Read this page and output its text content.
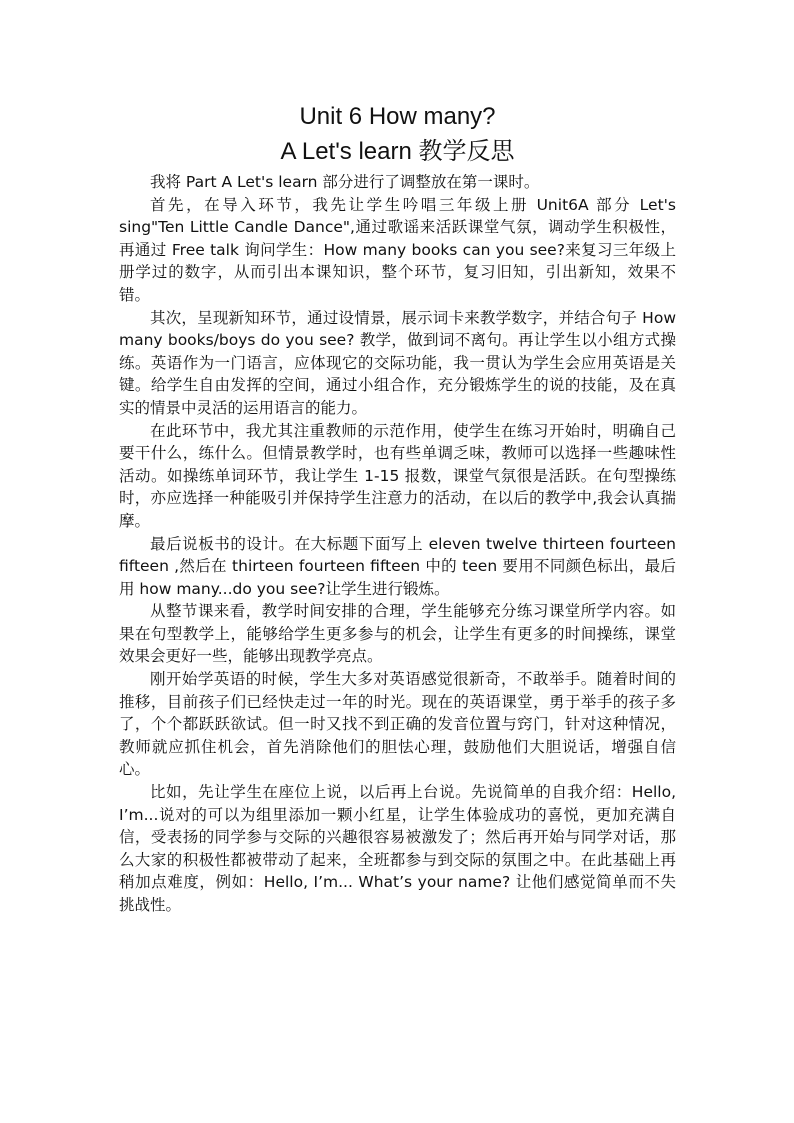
Unit 6 How many?
A Let's learn 教学反思

我将 Part A Let's learn 部分进行了调整放在第一课时。

首先，在导入环节，我先让学生吟唱三年级上册 Unit6A 部分 Let's sing"Ten Little Candle Dance",通过歌谣来活跃课堂气氛，调动学生积极性，再通过 Free talk 询问学生：How many books can you see?来复习三年级上册学过的数字，从而引出本课知识，整个环节，复习旧知，引出新知，效果不错。

其次，呈现新知环节，通过设情景，展示词卡来教学数字，并结合句子 How many books/boys do you see? 教学，做到词不离句。再让学生以小组方式操练。英语作为一门语言，应体现它的交际功能，我一贯认为学生会应用英语是关键。给学生自由发挥的空间，通过小组合作，充分锻炼学生的说的技能，及在真实的情景中灵活的运用语言的能力。

在此环节中，我尤其注重教师的示范作用，使学生在练习开始时，明确自己要干什么，练什么。但情景教学时，也有些单调乏味，教师可以选择一些趣味性活动。如操练单词环节，我让学生 1-15 报数，课堂气氛很是活跃。在句型操练时，亦应选择一种能吸引并保持学生注意力的活动，在以后的教学中,我会认真揣摩。

最后说板书的设计。在大标题下面写上 eleven twelve thirteen fourteen fifteen ,然后在 thirteen fourteen fifteen 中的 teen 要用不同颜色标出，最后用 how many...do you see?让学生进行锻炼。

从整节课来看，教学时间安排的合理，学生能够充分练习课堂所学内容。如果在句型教学上，能够给学生更多参与的机会，让学生有更多的时间操练，课堂效果会更好一些，能够出现教学亮点。

刚开始学英语的时候，学生大多对英语感觉很新奇，不敢举手。随着时间的推移，目前孩子们已经快走过一年的时光。现在的英语课堂，勇于举手的孩子多了，个个都跃跃欲试。但一时又找不到正确的发音位置与窍门，针对这种情况，教师就应抓住机会，首先消除他们的胆怯心理，鼓励他们大胆说话，增强自信心。

比如，先让学生在座位上说，以后再上台说。先说简单的自我介绍：Hello, I’m...说对的可以为组里添加一颗小红星，让学生体验成功的喜悦，更加充满自信，受表扬的同学参与交际的兴趣很容易被激发了；然后再开始与同学对话，那么大家的积极性都被带动了起来，全班都参与到交际的氛围之中。在此基础上再稍加点难度，例如：Hello, I’m... What’s your name? 让他们感觉简单而不失挑战性。
